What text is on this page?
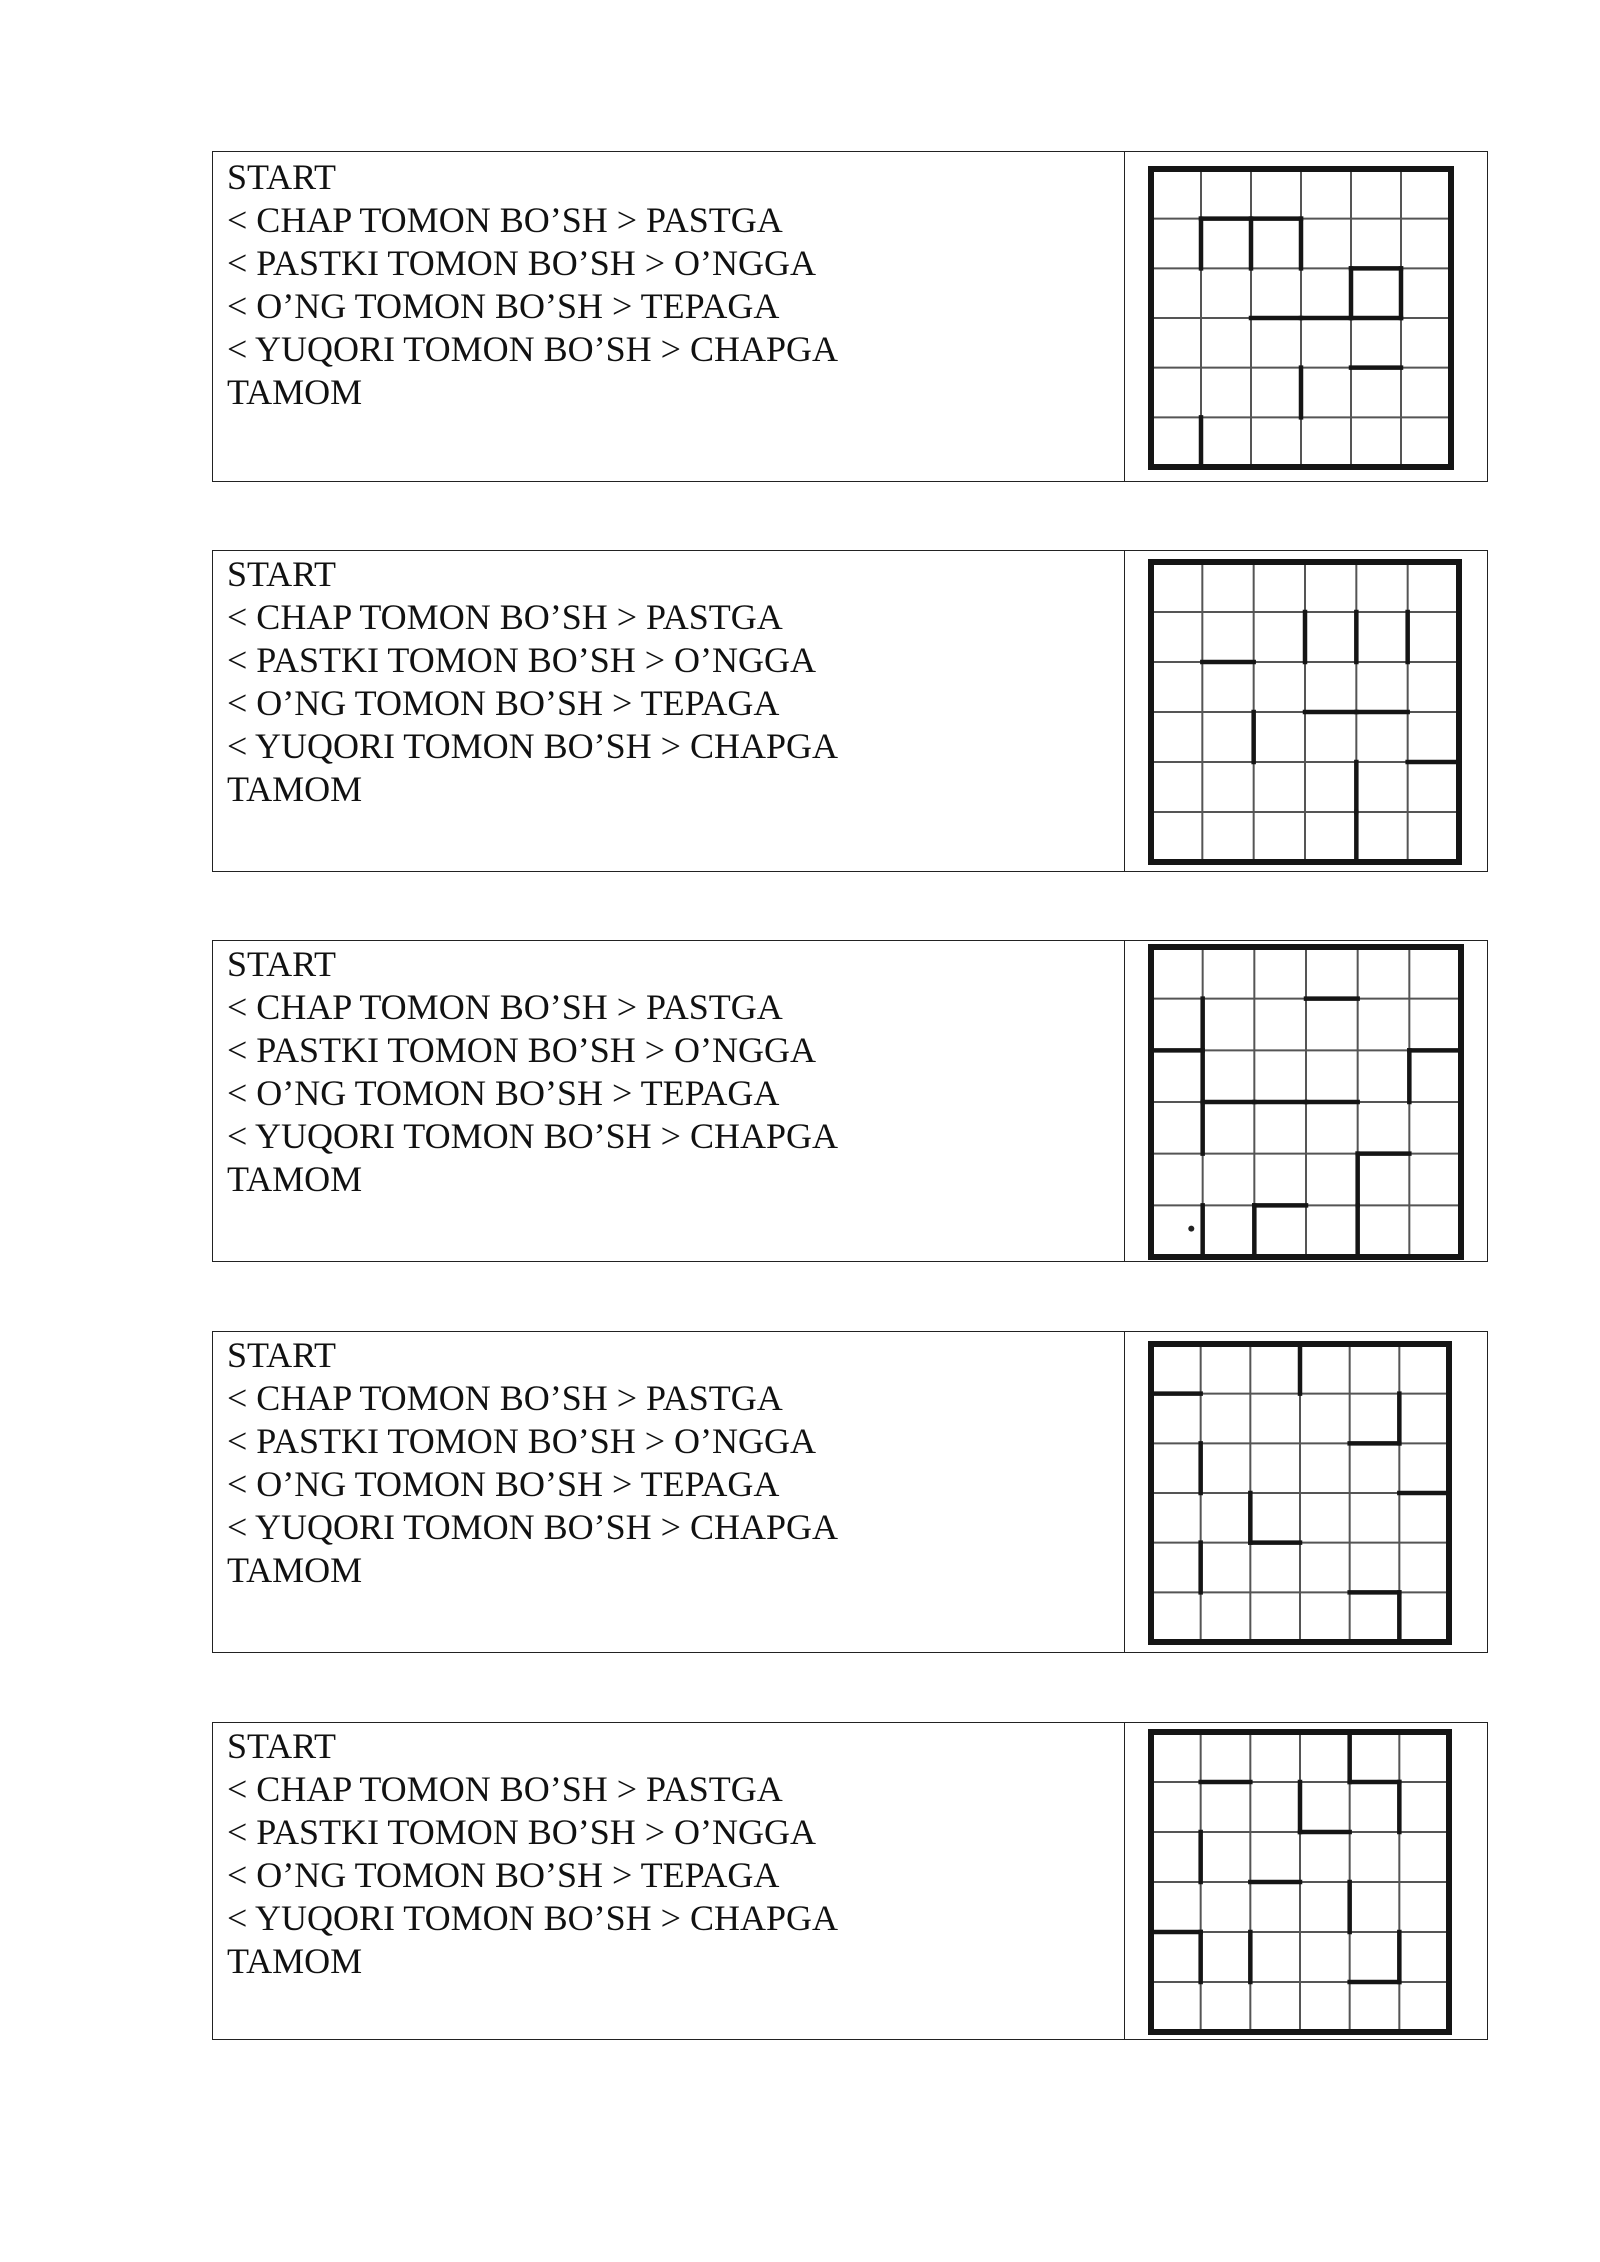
START
< CHAP TOMON BO’SH > PASTGA
< PASTKI TOMON BO’SH > O’NGGA
< O’NG TOMON BO’SH > TEPAGA
< YUQORI TOMON BO’SH > CHAPGA
TAMOM
START
< CHAP TOMON BO’SH > PASTGA
< PASTKI TOMON BO’SH > O’NGGA
< O’NG TOMON BO’SH > TEPAGA
< YUQORI TOMON BO’SH > CHAPGA
TAMOM
START
< CHAP TOMON BO’SH > PASTGA
< PASTKI TOMON BO’SH > O’NGGA
< O’NG TOMON BO’SH > TEPAGA
< YUQORI TOMON BO’SH > CHAPGA
TAMOM
START
< CHAP TOMON BO’SH > PASTGA
< PASTKI TOMON BO’SH > O’NGGA
< O’NG TOMON BO’SH > TEPAGA
< YUQORI TOMON BO’SH > CHAPGA
TAMOM
START
< CHAP TOMON BO’SH > PASTGA
< PASTKI TOMON BO’SH > O’NGGA
< O’NG TOMON BO’SH > TEPAGA
< YUQORI TOMON BO’SH > CHAPGA
TAMOM
